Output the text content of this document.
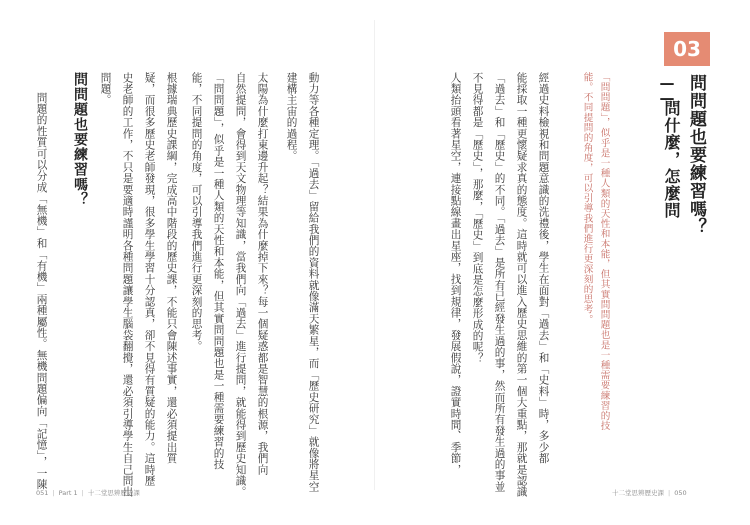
03
問問題也要練習嗎？
——
問什麼，怎麼問
「問問題」，似乎是一種人類的天性和本能，但其實問問題也是一種需要練習的技
能。不同提問的角度，可以引導我們進行更深刻的思考。
經過史料檢視和問題意識的洗禮後，學生在面對「過去」和「史料」時，多少都
能採取一種更懷疑求真的態度。這時就可以進入歷史思維的第一個大重點，那就是認識
「過去」和「歷史」的不同。「過去」是所有已經發生過的事，然而所有發生過的事並
不見得都是「歷史」，那麼，「歷史」到底是怎麼形成的呢？
人類抬頭看著星空，連接點線畫出星座，找到規律，發展假說，證實時間、季節，
十二堂思辨歷史課 | 050
動力等各種定理。「過去」留給我們的資料就像滿天繁星，而「歷史研究」就像將星空
建構主宙的過程。
太陽為什麼打東邊升起？結果為什麼掉下來？每一個疑惑都是智慧的根源，我們向
自然提問，會得到天文物理等知識，當我們向「過去」進行提問，就能得到歷史知識。
「問問題」，似乎是一種人類的天性和本能，但其實問問題也是一種需要練習的技
能，不同提問的角度，可以引導我們進行更深刻的思考。
根據瑞典歷史課綱，完成高中階段的歷史課，不能只會陳述事實，還必須提出質
疑，而很多歷史老師發現，很多學生學習十分認真，卻不見得有質疑的能力。這時歷
史老師的工作，不只是要適時謹明各種問題讓學生腦袋翻攪，還必須引導學生自己問出
問題。
問問題也要練習嗎？
問題的性質可以分成「無機」和「有機」兩種屬性。無機問題偏向「記憶」，一陳
051 | Part 1 | 十二堂思辨歷史課
